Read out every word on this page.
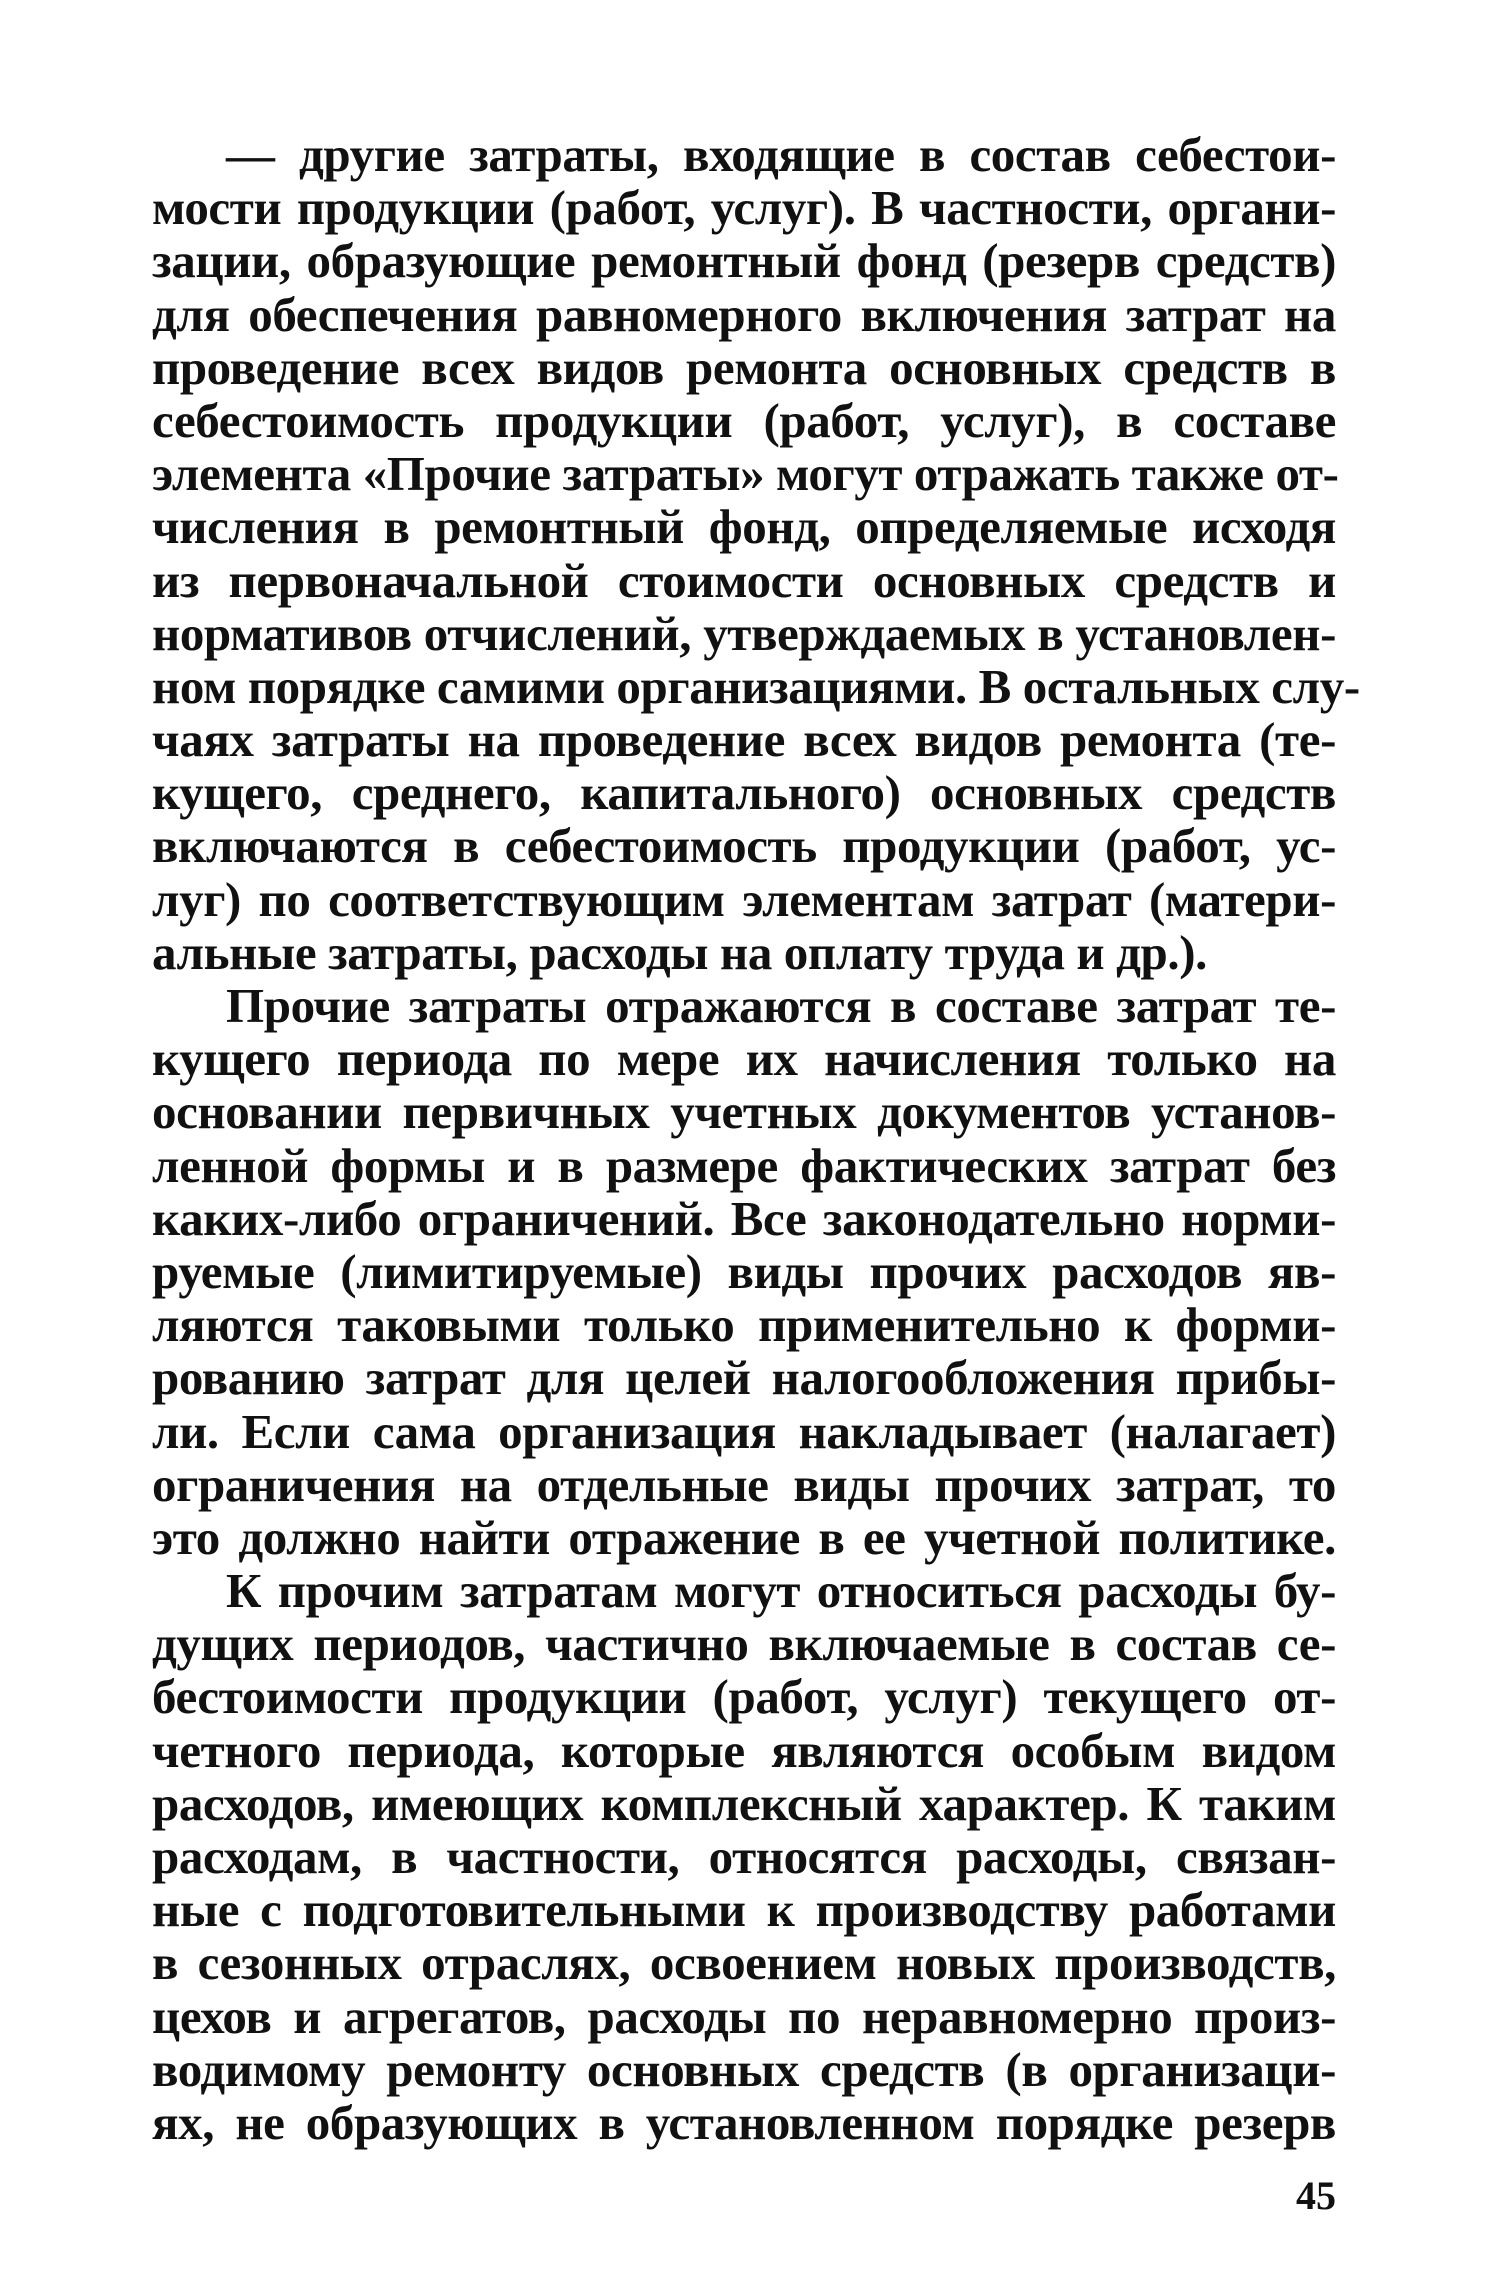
— другие затраты, входящие в состав себестои-
мости продукции (работ, услуг). В частности, органи-
зации, образующие ремонтный фонд (резерв средств)
для обеспечения равномерного включения затрат на
проведение всех видов ремонта основных средств в
себестоимость продукции (работ, услуг), в составе
элемента «Прочие затраты» могут отражать также от-
числения в ремонтный фонд, определяемые исходя
из первоначальной стоимости основных средств и
нормативов отчислений, утверждаемых в установлен-
ном порядке самими организациями. В остальных слу-
чаях затраты на проведение всех видов ремонта (те-
кущего, среднего, капитального) основных средств
включаются в себестоимость продукции (работ, ус-
луг) по соответствующим элементам затрат (матери-
альные затраты, расходы на оплату труда и др.).
Прочие затраты отражаются в составе затрат те-
кущего периода по мере их начисления только на
основании первичных учетных документов установ-
ленной формы и в размере фактических затрат без
каких-либо ограничений. Все законодательно норми-
руемые (лимитируемые) виды прочих расходов яв-
ляются таковыми только применительно к форми-
рованию затрат для целей налогообложения прибы-
ли. Если сама организация накладывает (налагает)
ограничения на отдельные виды прочих затрат, то
это должно найти отражение в ее учетной политике.
К прочим затратам могут относиться расходы бу-
дущих периодов, частично включаемые в состав се-
бестоимости продукции (работ, услуг) текущего от-
четного периода, которые являются особым видом
расходов, имеющих комплексный характер. К таким
расходам, в частности, относятся расходы, связан-
ные с подготовительными к производству работами
в сезонных отраслях, освоением новых производств,
цехов и агрегатов, расходы по неравномерно произ-
водимому ремонту основных средств (в организаци-
ях, не образующих в установленном порядке резерв
45
